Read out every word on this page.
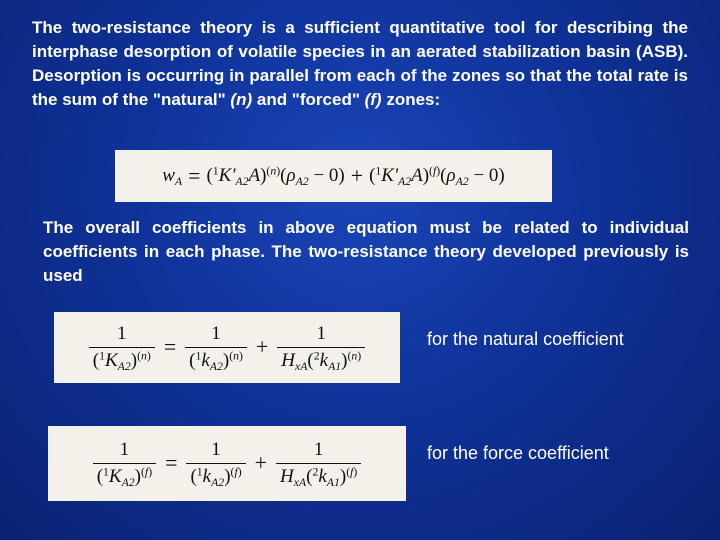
The two-resistance theory is a sufficient quantitative tool for describing the interphase desorption of volatile species in an aerated stabilization basin (ASB). Desorption is occurring in parallel from each of the zones so that the total rate is the sum of the "natural" (n) and "forced" (f) zones:
$w_A = (^1K'_{A2}A)^{(n)}(\rho_{A2} - 0) + (^1K'_{A2}A)^{(f)}(\rho_{A2} - 0)$
The overall coefficients in above equation must be related to individual coefficients in each phase. The two-resistance theory developed previously is used
$\frac{1}{(^1K_{A2})^{(n)}} = \frac{1}{(^1k_{A2})^{(n)}} + \frac{1}{H_{xA}(^2k_{A1})^{(n)}}$	for the natural coefficient
$\frac{1}{(^1K_{A2})^{(f)}} = \frac{1}{(^1k_{A2})^{(f)}} + \frac{1}{H_{xA}(^2k_{A1})^{(f)}}$	for the force coefficient
